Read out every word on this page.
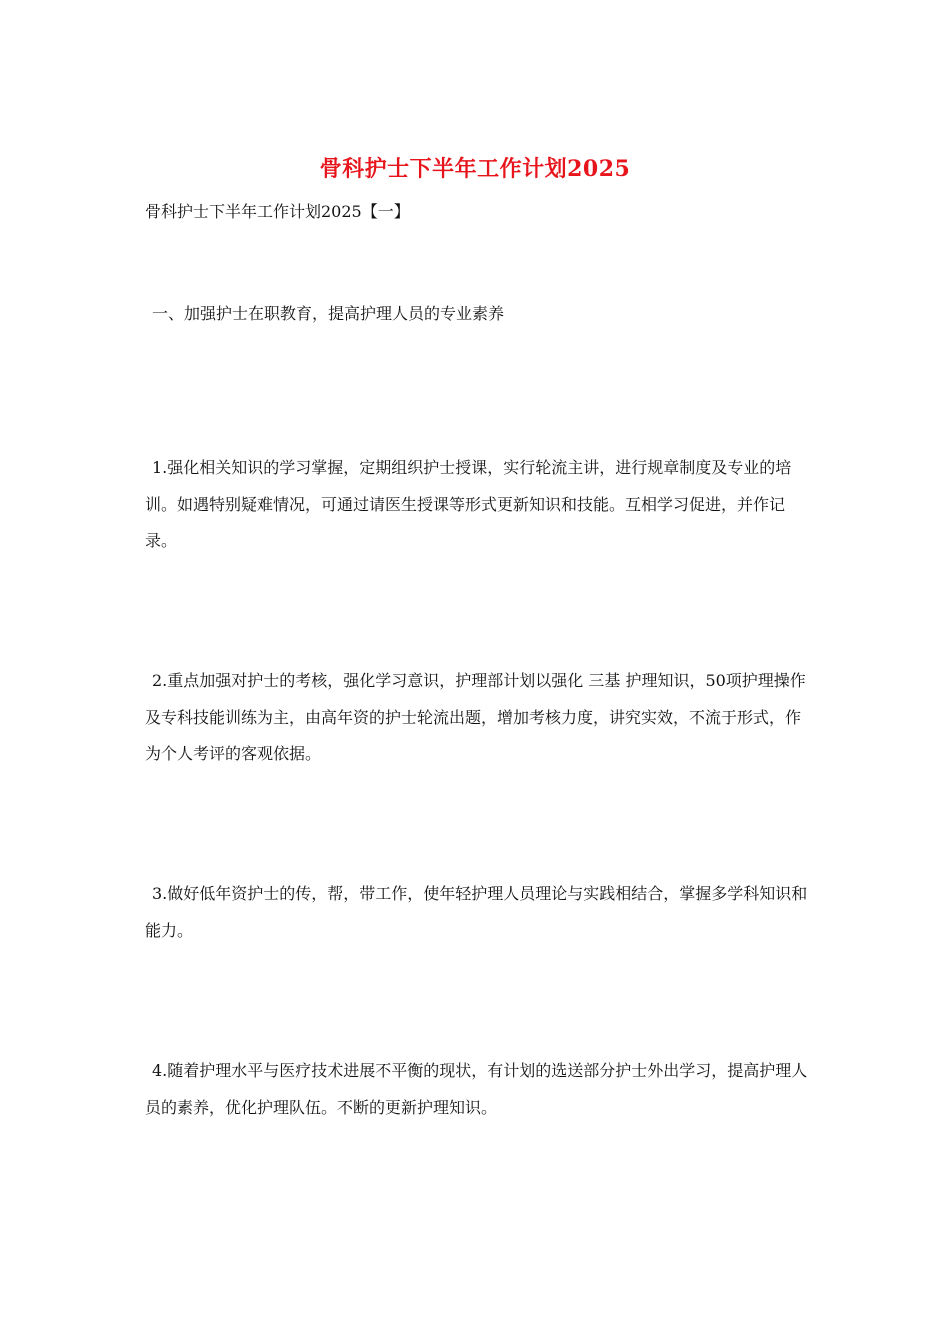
骨科护士下半年工作计划2025
骨科护士下半年工作计划2025【一】
一、加强护士在职教育，提高护理人员的专业素养

1.强化相关知识的学习掌握，定期组织护士授课，实行轮流主讲，进行规章制度及专业的培训。如遇特别疑难情况，可通过请医生授课等形式更新知识和技能。互相学习促进，并作记录。

2.重点加强对护士的考核，强化学习意识，护理部计划以强化 三基 护理知识，50项护理操作及专科技能训练为主，由高年资的护士轮流出题，增加考核力度，讲究实效，不流于形式，作为个人考评的客观依据。

3.做好低年资护士的传，帮，带工作，使年轻护理人员理论与实践相结合，掌握多学科知识和能力。

4.随着护理水平与医疗技术进展不平衡的现状，有计划的选送部分护士外出学习，提高护理人员的素养，优化护理队伍。不断的更新护理知识。
